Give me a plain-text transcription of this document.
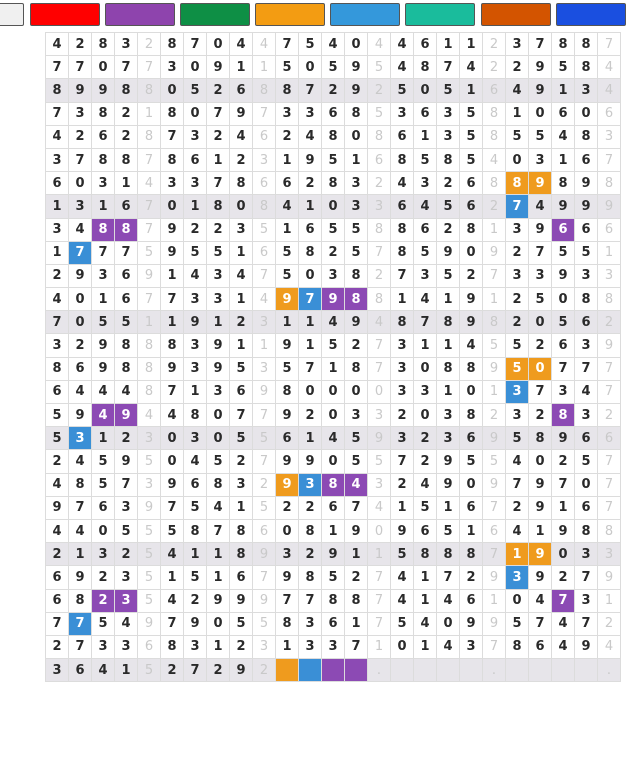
4	2	8	3	2	8	7	0	4	4	7	5	4	0	4	4	6	1	1	2	3	7	8	8	7
7	7	0	7	7	3	0	9	1	1	5	0	5	9	5	4	8	7	4	2	2	9	5	8	4
8	9	9	8	8	0	5	2	6	8	8	7	2	9	2	5	0	5	1	6	4	9	1	3	4
7	3	8	2	1	8	0	7	9	7	3	3	6	8	5	3	6	3	5	8	1	0	6	0	6
4	2	6	2	8	7	3	2	4	6	2	4	8	0	8	6	1	3	5	8	5	5	4	8	3
3	7	8	8	7	8	6	1	2	3	1	9	5	1	6	8	5	8	5	4	0	3	1	6	7
6	0	3	1	4	3	3	7	8	6	6	2	8	3	2	4	3	2	6	8	8	9	8	9	8
1	3	1	6	7	0	1	8	0	8	4	1	0	3	3	6	4	5	6	2	7	4	9	9	9
3	4	8	8	7	9	2	2	3	5	1	6	5	5	8	8	6	2	8	1	3	9	6	6	6
1	7	7	7	5	9	5	5	1	6	5	8	2	5	7	8	5	9	0	9	2	7	5	5	1
2	9	3	6	9	1	4	3	4	7	5	0	3	8	2	7	3	5	2	7	3	3	9	3	3
4	0	1	6	7	7	3	3	1	4	9	7	9	8	8	1	4	1	9	1	2	5	0	8	8
7	0	5	5	1	1	9	1	2	3	1	1	4	9	4	8	7	8	9	8	2	0	5	6	2
3	2	9	8	8	8	3	9	1	1	9	1	5	2	7	3	1	1	4	5	5	2	6	3	9
8	6	9	8	8	9	3	9	5	3	5	7	1	8	7	3	0	8	8	9	5	0	7	7	7
6	4	4	4	8	7	1	3	6	9	8	0	0	0	0	3	3	1	0	1	3	7	3	4	7
5	9	4	9	4	4	8	0	7	7	9	2	0	3	3	2	0	3	8	2	3	2	8	3	2
5	3	1	2	3	0	3	0	5	5	6	1	4	5	9	3	2	3	6	9	5	8	9	6	6
2	4	5	9	5	0	4	5	2	7	9	9	0	5	5	7	2	9	5	5	4	0	2	5	7
4	8	5	7	3	9	6	8	3	2	9	3	8	4	3	2	4	9	0	9	7	9	7	0	7
9	7	6	3	9	7	5	4	1	5	2	2	6	7	4	1	5	1	6	7	2	9	1	6	7
4	4	0	5	5	5	8	7	8	6	0	8	1	9	0	9	6	5	1	6	4	1	9	8	8
2	1	3	2	5	4	1	1	8	9	3	2	9	1	1	5	8	8	8	7	1	9	0	3	3
6	9	2	3	5	1	5	1	6	7	9	8	5	2	7	4	1	7	2	9	3	9	2	7	9
6	8	2	3	5	4	2	9	9	9	7	7	8	8	7	4	1	4	6	1	0	4	7	3	1
7	7	5	4	9	7	9	0	5	5	8	3	6	1	7	5	4	0	9	9	5	7	4	7	2
2	7	3	3	6	8	3	1	2	3	1	3	3	7	1	0	1	4	3	7	8	6	4	9	4
3	6	4	1	5	2	7	2	9	2					.					.					.
